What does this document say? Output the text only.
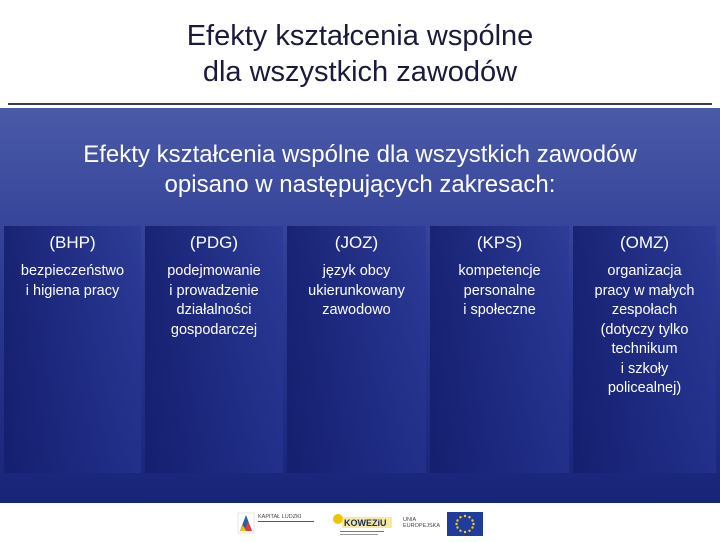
Efekty kształcenia wspólne
dla wszystkich zawodów
Efekty kształcenia wspólne dla wszystkich zawodów
opisano w następujących zakresach:
(BHP)
bezpieczeństwo
i higiena pracy
(PDG)
podejmowanie
i prowadzenie
działalności
gospodarczej
(JOZ)
język obcy
ukierunkowany
zawodowo
(KPS)
kompetencje
personalne
i społeczne
(OMZ)
organizacja
pracy w małych
zespołach
(dotyczy tylko
technikum
i szkoły
policealnej)
KAPITAŁ LUDZKI
KOWEZiU	UNIA EUROPEJSKA
